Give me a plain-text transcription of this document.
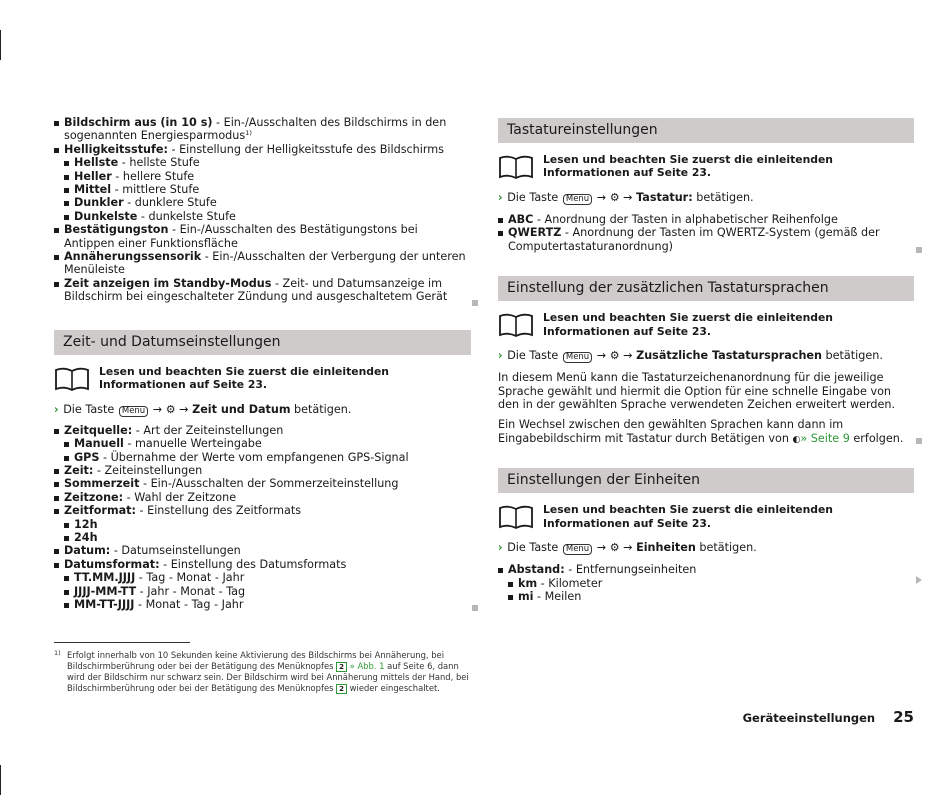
Bildschirm aus (in 10 s) - Ein-/Ausschalten des Bildschirms in den sogenannten Energiesparmodus$^{1)}$
Helligkeitsstufe: - Einstellung der Helligkeitsstufe des Bildschirms
Hellste - hellste Stufe
Heller - hellere Stufe
Mittel - mittlere Stufe
Dunkler - dunklere Stufe
Dunkelste - dunkelste Stufe
Bestätigungston - Ein-/Ausschalten des Bestätigungstons bei Antippen einer Funktionsfläche
Annäherungssensorik - Ein-/Ausschalten der Verbergung der unteren Menüleiste
Zeit anzeigen im Standby-Modus - Zeit- und Datumsanzeige im Bildschirm bei eingeschalteter Zündung und ausgeschaltetem Gerät
Zeit- und Datumseinstellungen
Lesen und beachten Sie zuerst die einleitenden Informationen auf Seite 23.
› Die Taste Menu → ⚙ → Zeit und Datum betätigen.
Zeitquelle: - Art der Zeiteinstellungen
Manuell - manuelle Werteingabe
GPS - Übernahme der Werte vom empfangenen GPS-Signal
Zeit: - Zeiteinstellungen
Sommerzeit - Ein-/Ausschalten der Sommerzeiteinstellung
Zeitzone: - Wahl der Zeitzone
Zeitformat: - Einstellung des Zeitformats
12h
24h
Datum: - Datumseinstellungen
Datumsformat: - Einstellung des Datumsformats
TT.MM.JJJJ - Tag - Monat - Jahr
JJJJ-MM-TT - Jahr - Monat - Tag
MM-TT-JJJJ - Monat - Tag - Jahr
Tastatureinstellungen
Lesen und beachten Sie zuerst die einleitenden Informationen auf Seite 23.
› Die Taste Menu → ⚙ → Tastatur: betätigen.
ABC - Anordnung der Tasten in alphabetischer Reihenfolge
QWERTZ - Anordnung der Tasten im QWERTZ-System (gemäß der Computertastaturanordnung)
Einstellung der zusätzlichen Tastatursprachen
Lesen und beachten Sie zuerst die einleitenden Informationen auf Seite 23.
› Die Taste Menu → ⚙ → Zusätzliche Tastatursprachen betätigen.

In diesem Menü kann die Tastaturzeichenanordnung für die jeweilige Sprache gewählt und hiermit die Option für eine schnelle Eingabe von den in der gewählten Sprache verwendeten Zeichen erweitert werden.

Ein Wechsel zwischen den gewählten Sprachen kann dann im Eingabebildschirm mit Tastatur durch Betätigen von ◐» Seite 9 erfolgen.
Einstellungen der Einheiten
Lesen und beachten Sie zuerst die einleitenden Informationen auf Seite 23.
› Die Taste Menu → ⚙ → Einheiten betätigen.
Abstand: - Entfernungseinheiten
km - Kilometer
mi - Meilen
1) Erfolgt innerhalb von 10 Sekunden keine Aktivierung des Bildschirms bei Annäherung, bei Bildschirmberührung oder bei der Betätigung des Menüknopfes 2 » Abb. 1 auf Seite 6, dann wird der Bildschirm nur schwarz sein. Der Bildschirm wird bei Annäherung mittels der Hand, bei Bildschirmberührung oder bei der Betätigung des Menüknopfes 2 wieder eingeschaltet.
Geräteeinstellungen 25
